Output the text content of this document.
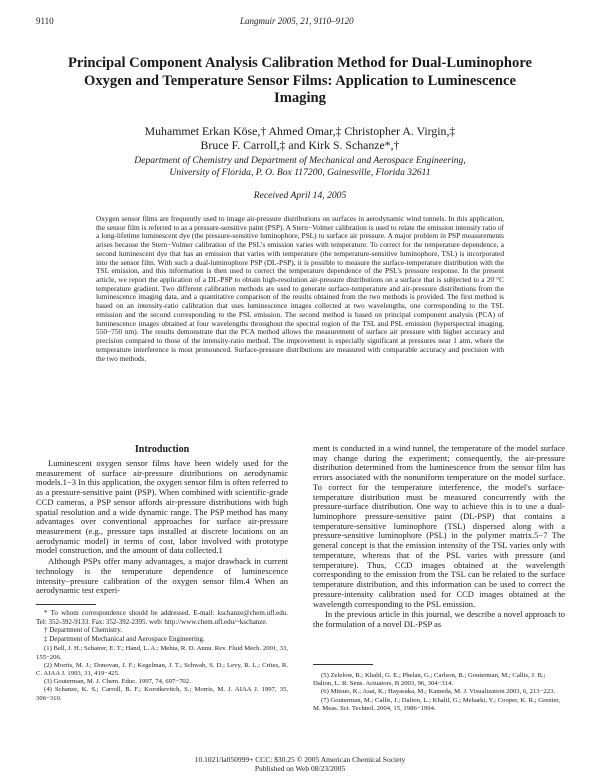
9110	Langmuir 2005, 21, 9110–9120
Principal Component Analysis Calibration Method for Dual-Luminophore Oxygen and Temperature Sensor Films: Application to Luminescence Imaging
Muhammet Erkan Köse,† Ahmed Omar,‡ Christopher A. Virgin,‡
Bruce F. Carroll,‡ and Kirk S. Schanze*,†
Department of Chemistry and Department of Mechanical and Aerospace Engineering,
University of Florida, P. O. Box 117200, Gainesville, Florida 32611
Received April 14, 2005
Oxygen sensor films are frequently used to image air-pressure distributions on surfaces in aerodynamic wind tunnels. In this application, the sensor film is referred to as a pressure-sensitive paint (PSP). A Stern−Volmer calibration is used to relate the emission intensity ratio of a long-lifetime luminescent dye (the pressure-sensitive luminophore, PSL) to surface air pressure. A major problem in PSP measurements arises because the Stern−Volmer calibration of the PSL's emission varies with temperature. To correct for the temperature dependence, a second luminescent dye that has an emission that varies with temperature (the temperature-sensitive luminophore, TSL) is incorporated into the sensor film. With such a dual-luminophore PSP (DL-PSP), it is possible to measure the surface-temperature distribution with the TSL emission, and this information is then used to correct the temperature dependence of the PSL's pressure response. In the present article, we report the application of a DL-PSP to obtain high-resolution air-pressure distributions on a surface that is subjected to a 20 °C temperature gradient. Two different calibration methods are used to generate surface-temperature and air-pressure distributions from the luminescence imaging data, and a quantitative comparison of the results obtained from the two methods is provided. The first method is based on an intensity-ratio calibration that uses luminescence images collected at two wavelengths, one corresponding to the TSL emission and the second corresponding to the PSL emission. The second method is based on principal component analysis (PCA) of luminescence images obtained at four wavelengths throughout the spectral region of the TSL and PSL emission (hyperspectral imaging, 550−750 nm). The results demonstrate that the PCA method allows the measurement of surface air pressure with higher accuracy and precision compared to those of the intensity-ratio method. The improvement is especially significant at pressures near 1 atm, where the temperature interference is most pronounced. Surface-pressure distributions are measured with comparable accuracy and precision with the two methods.
Introduction

Luminescent oxygen sensor films have been widely used for the measurement of surface air-pressure distributions on aerodynamic models.1−3 In this application, the oxygen sensor film is often referred to as a pressure-sensitive paint (PSP). When combined with scientific-grade CCD cameras, a PSP sensor affords air-pressure distributions with high spatial resolution and a wide dynamic range. The PSP method has many advantages over conventional approaches for surface air-pressure measurement (e.g., pressure taps installed at discrete locations on an aerodynamic model) in terms of cost, labor involved with prototype model construction, and the amount of data collected.1

Although PSPs offer many advantages, a major drawback in current technology is the temperature dependence of luminescence intensity−pressure calibration of the oxygen sensor film.4 When an aerodynamic test experi-

* To whom correspondence should be addressed. E-mail: kschanze@chem.ufl.edu. Tel: 352-392-9133. Fax: 352-392-2395. web: http://www.chem.ufl.edu/~kschanze.

† Department of Chemistry.

‡ Department of Mechanical and Aerospace Engineering.

(1) Bell, J. H.; Schairer, E. T.; Hand, L. A.; Mehta, R. D. Annu. Rev. Fluid Mech. 2001, 33, 155−206.

(2) Morris, M. J.; Donovan, J. F.; Kegelman, J. T.; Schwab, S. D.; Levy, R. L.; Crites, R. C. AIAA J. 1993, 31, 419−425.

(3) Gouterman, M. J. Chem. Educ. 1997, 74, 697−702.

(4) Schanze, K. S.; Carroll, B. F.; Korotkevitch, S.; Morris, M. J. AIAA J. 1997, 35, 306−310.

ment is conducted in a wind tunnel, the temperature of the model surface may change during the experiment; consequently, the air-pressure distribution determined from the luminescence from the sensor film has errors associated with the nonuniform temperature on the model surface. To correct for the temperature interference, the model's surface-temperature distribution must be measured concurrently with the pressure-surface distribution. One way to achieve this is to use a dual-luminophore pressure-sensitive paint (DL-PSP) that contains a temperature-sensitive luminophore (TSL) dispersed along with a pressure-sensitive luminophore (PSL) in the polymer matrix.5−7 The general concept is that the emission intensity of the TSL varies only with temperature, whereas that of the PSL varies with pressure (and temperature). Thus, CCD images obtained at the wavelength corresponding to the emission from the TSL can be related to the surface temperature distribution, and this information can be used to correct the pressure-intensity calibration used for CCD images obtained at the wavelength corresponding to the PSL emission.

In the previous article in this journal, we describe a novel approach to the formulation of a novel DL-PSP as

(5) Zelelow, B.; Khalil, G. E.; Phelan, G.; Carlson, B.; Gouterman, M.; Callis, J. B.; Dalton, L. R. Sens. Actuators, B 2003, 96, 304−314.

(6) Mitsuo, K.; Asai, K.; Hayasaka, M.; Kameda, M. J. Visualization 2003, 6, 213−223.

(7) Gouterman, M.; Callis, J.; Dalton, L.; Khalil, G.; Mebarki, Y.; Cooper, K. R.; Grenier, M. Meas. Sci. Technol. 2004, 15, 1986−1994.

10.1021/la050999+ CCC: $30.25 © 2005 American Chemical Society
Published on Web 08/23/2005
